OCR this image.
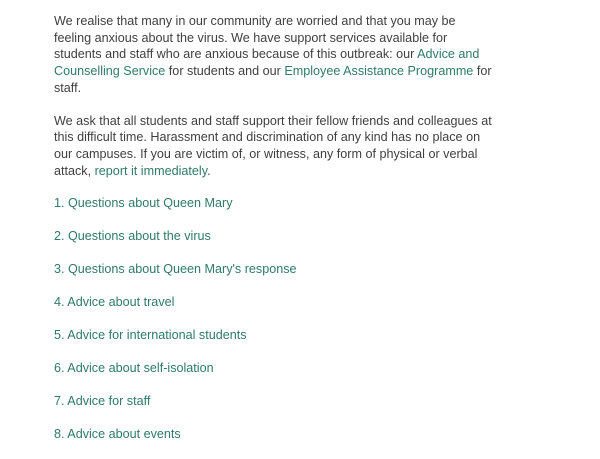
We realise that many in our community are worried and that you may be feeling anxious about the virus. We have support services available for students and staff who are anxious because of this outbreak: our Advice and Counselling Service for students and our Employee Assistance Programme for staff.

We ask that all students and staff support their fellow friends and colleagues at this difficult time. Harassment and discrimination of any kind has no place on our campuses. If you are victim of, or witness, any form of physical or verbal attack, report it immediately.

1. Questions about Queen Mary
2. Questions about the virus
3. Questions about Queen Mary's response
4. Advice about travel
5. Advice for international students
6. Advice about self-isolation
7. Advice for staff
8. Advice about events
